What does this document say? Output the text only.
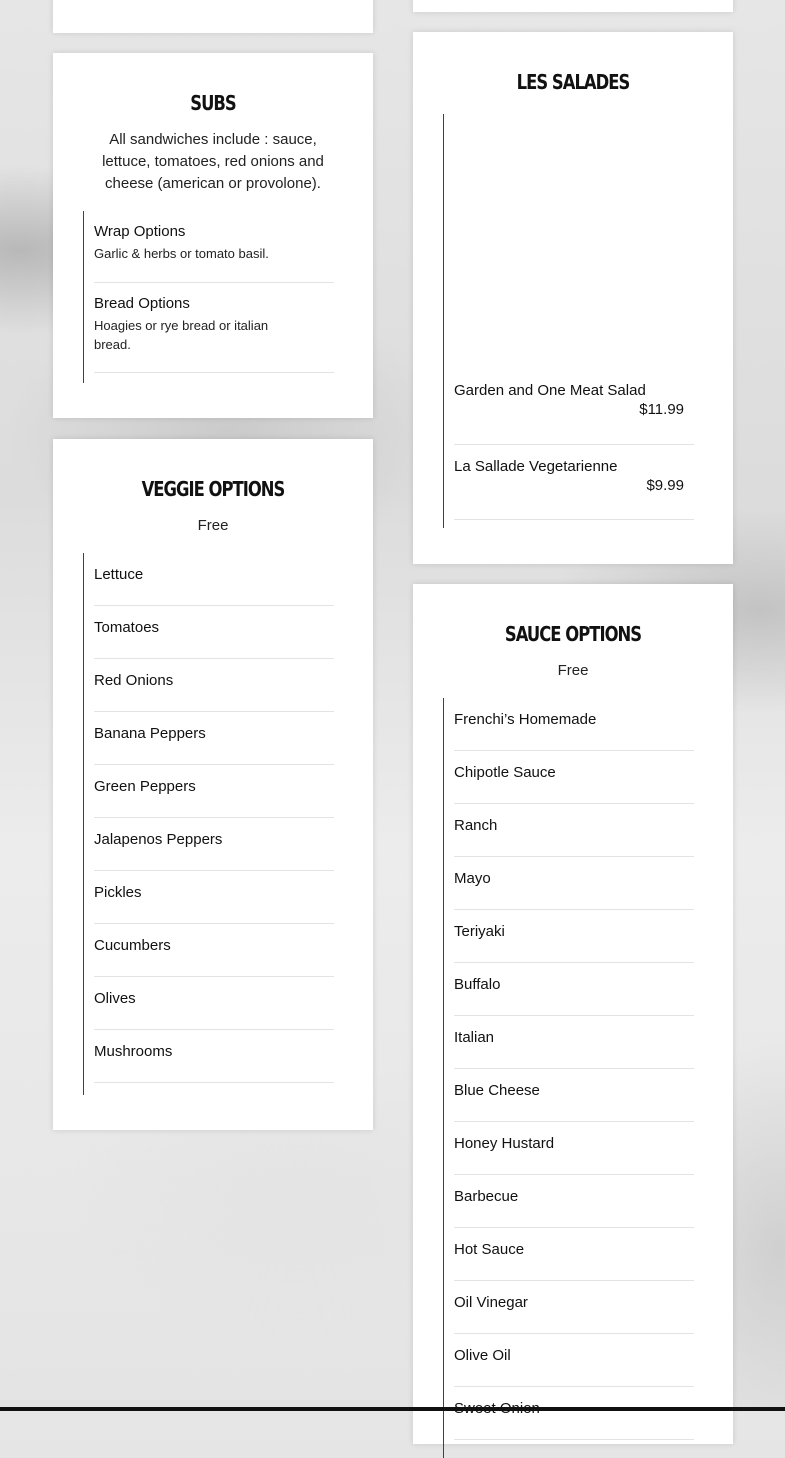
SUBS
All sandwiches include : sauce, lettuce, tomatoes, red onions and cheese (american or provolone).
Wrap Options
Garlic & herbs or tomato basil.
Bread Options
Hoagies or rye bread or italian bread.
VEGGIE OPTIONS
Free
Lettuce
Tomatoes
Red Onions
Banana Peppers
Green Peppers
Jalapenos Peppers
Pickles
Cucumbers
Olives
Mushrooms
LES SALADES
Garden and One Meat Salad
$11.99
La Sallade Vegetarienne
$9.99
SAUCE OPTIONS
Free
Frenchi’s Homemade
Chipotle Sauce
Ranch
Mayo
Teriyaki
Buffalo
Italian
Blue Cheese
Honey Hustard
Barbecue
Hot Sauce
Oil Vinegar
Olive Oil
